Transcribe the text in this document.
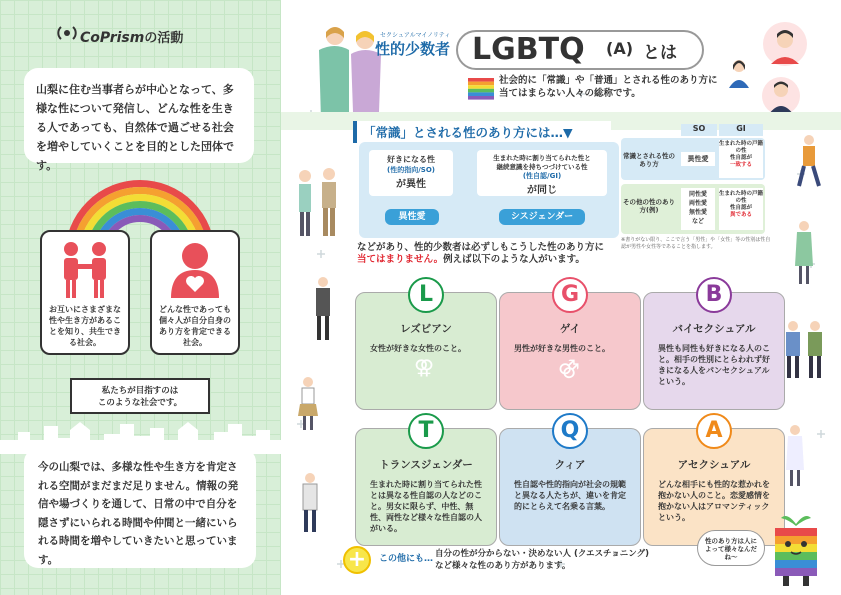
CoPrismの活動
山梨に住む当事者らが中心となって、多様な性について発信し、どんな性を生きる人であっても、自然体で過ごせる社会を増やしていくことを目的とした団体です。
お互いにさまざまな性や生き方があることを知り、共生できる社会。
どんな性であっても個々人が自分自身のあり方を肯定できる社会。
私たちが目指すのは
このような社会です。
今の山梨では、多様な性や生き方を肯定される空間がまだまだ足りません。情報の発信や場づくりを通して、日常の中で自分を隠さずにいられる時間や仲間と一緒にいられる時間を増やしていきたいと思っています。
セクシュアルマイノリティ
性的少数者 LGBTQ (A) とは
社会的に「常識」や「普通」とされる性のあり方に当てはまらない人々の総称です。
「常識」とされる性のあり方には…▼
好きになる性
(性的指向/SO)
が異性
異性愛
生まれた時に割り当てられた性と
継続意識を持ちつづけている性
(性自認/GI)
が同じ
シスジェンダー
SO	GI
常識とされる性のあり方
異性愛
生まれた時の戸籍の性
性自認が
一致する
その他の性のあり方(例)
同性愛
両性愛
無性愛
など
生まれた時の戸籍の性
性自認が
異である
※書りがない限り、ここで言う「男性」や「女性」等の性別は性自認が男性や女性等であることを指します。
などがあり、性的少数者は必ずしもこうした性のあり方に
当てはまりません。例えば以下のような人がいます。
L
レズビアン
女性が好きな女性のこと。
⚢
G
ゲイ
男性が好きな男性のこと。
⚣
B
バイセクシュアル
異性も同性も好きになる人のこと。相手の性別にとらわれず好きになる人をパンセクシュアルという。
T
トランスジェンダー
生まれた時に割り当てられた性とは異なる性自認の人などのこと。男女に限らず、中性、無性、両性など様々な性自認の人がいる。
Q
クィア
性自認や性的指向が社会の規範と異なる人たちが、違いを肯定的にとらえて名乗る言葉。
A
アセクシュアル
どんな相手にも性的な惹かれを抱かない人のこと。恋愛感情を抱かない人はアロマンティックという。
+	この他にも… 自分の性が分からない・決めない人 (クエスチョニング)
など様々な性のあり方があります。
性のあり方は人によって様々なんだね〜
